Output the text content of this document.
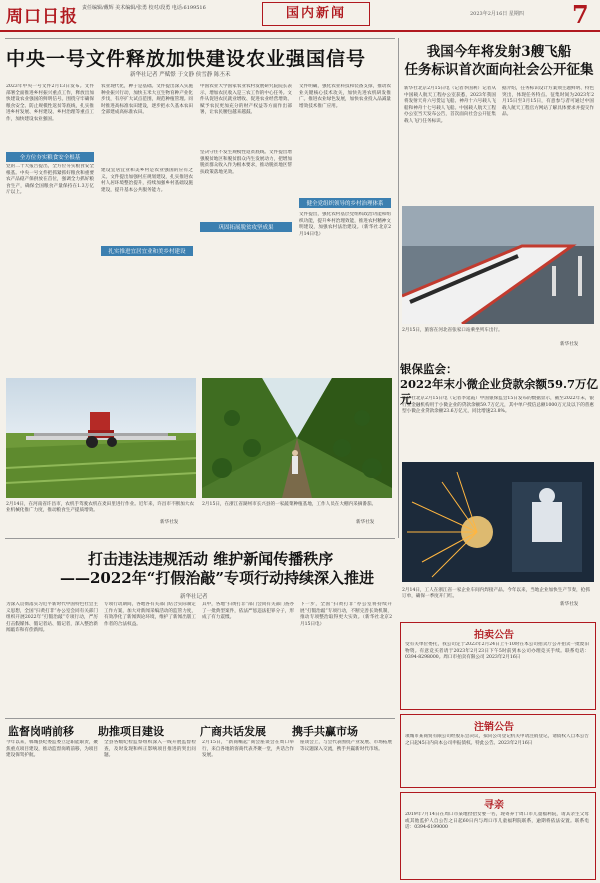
周口日报 责任编辑/戴辉 美术编辑/张勇 校对/段勇 电话:6199516	国内新闻	2023年2月16日 星期四 7
中央一号文件释放加快建设农业强国信号
新华社记者 严赋憬 于文静 侯雪静 陈丕禾
2023年中央一号文件2月13日发布。文件部署全面推进乡村振兴重点工作，释放出加快建设农业强国的鲜明信号。围绕守牢确保粮食安全、防止规模性返贫等底线，扎实推进乡村发展、乡村建设、乡村治理等重点工作，加快建设农业强国。
全方位夯实粮食安全根基
党的二十大报告提出，全方位夯实粮食安全根基。中央一号文件把抓紧抓好粮食和重要农产品稳产保供放在首位，强调全力抓好粮食生产，确保全国粮食产量保持在1.3万亿斤以上。
农业现代化，种子是基础。文件提出深入实施种业振兴行动，加快玉米大豆生物育种产业化步伐，有序扩大试点范围，规范种植管理。同时推进高标准农田建设，逐步把永久基本农田全部建成高标准农田。
扎实推进宜居宜业和美乡村建设
建设宜居宜业和美乡村是农业强国的应有之义。文件提出加强村庄规划建设，扎实推进农村人居环境整治提升，持续加强乡村基础设施建设，提升基本公共服务能力。
中国农业大学国家农业农村发展研究院院长表示，增加农民收入是三农工作的中心任务。文件从促进农民就业增收、促进农业经营增效、赋予农民更加充分的财产权益等方面作出部署，让农民腰包越来越鼓。
巩固拓展脱贫攻坚成果
坚决守住不发生规模性返贫底线。文件提出增强脱贫地区和脱贫群众内生发展动力，把增加脱贫群众收入作为根本要求，推动脱贫地区帮扶政策落地见效。
文件明确，强化农业科技和装备支撑，推动农业关键核心技术攻关，加快先进农机研发推广。推进农业绿色发展，加快农业投入品减量增效技术推广应用。
健全党组织领导的乡村治理体系
文件提出，强化农村基层党组织政治功能和组织功能，提升乡村治理效能，推进农村精神文明建设，加强农村法治建设。（新华社北京2月14日电）
2月14日，在河南省许昌市，农机手驾驶农机在麦田里进行作业。近年来，许昌市不断加大农业机械化推广力度，推动粮食生产提质增效。
2月15日，在浙江省湖州市长兴县的一家蔬菜种植基地，工作人员在大棚内采摘番茄。
新华社发
新华社发
我国今年将发射3艘飞船
任务标识首次面向社会公开征集
新华社北京2月15日电（记者李国利）记者从中国载人航天工程办公室获悉，2023年我国将发射天舟六号货运飞船、神舟十六号载人飞船和神舟十七号载人飞船。中国载人航天工程办公室当天发布公告，首次面向社会公开征集载人飞行任务标识。
据介绍，任务标识设计方案须主题鲜明、特色突出，体现任务特点。征集时间为2023年2月15日至3月15日，有意参与者可通过中国载人航天工程官方网站了解具体要求并提交作品。
2月15日，旅客在河北省张家口站乘坐列车出行。
新华社发
银保监会：
2022年末小微企业贷款余额59.7万亿元
新华社北京2月15日电（记者李延霞）中国银保监会15日发布的数据显示，截至2022年末，银行业金融机构用于小微企业的贷款余额59.7万亿元，其中单户授信总额1000万元及以下的普惠型小微企业贷款余额23.6万亿元，同比增速23.8%。
2月14日，工人在浙江省一家企业车间内焊接产品。今年以来，当地企业加快生产节奏，抢抓订单，确保一季度开门红。
新华社发
打击违法违规活动 维护新闻传播秩序
——2022年“打假治敲”专项行动持续深入推进
新华社记者
为深入贯彻落实习近平新时代中国特色社会主义思想，全国“扫黄打非”办公室会同有关部门组织开展2022年“打假治敲”专项行动，严厉打击假媒体、假记者站、假记者，深入整治新闻敲诈和有偿新闻。
专项行动期间，各地各有关部门结合实际制定工作方案，加大对新闻采编活动的监管力度，有效净化了新闻舆论环境，维护了新闻出版工作者的合法权益。
其中，各地“扫黄打非”部门会同有关部门查办了一批典型案件，依法严惩违法犯罪分子，形成了有力震慑。
下一步，全国“扫黄打非”办公室将持续开展“打假治敲”专项行动，不断完善长效机制，推动专项整治取得更大实效。（新华社北京2月15日电）
监督岗哨前移 助推项目建设	广商共话发展 携手共赢市场
今年以来，郸城县纪委监委立足职能职责，聚焦重点项目建设，推动监督岗哨前移，为项目建设保驾护航。
全县各级纪检监察组织深入一线开展监督检查，及时发现和纠正影响项目推进的突出问题。
2月15日，“新商崛起”商会座谈会在周口举行，来自各地的客商代表齐聚一堂，共话合作发展。
座谈会上，与会代表围绕产业发展、市场拓展等议题深入交流，携手共赢新时代市场。
拍卖公告
受有关单位委托，我公司定于2023年2月24日上午10时在本公司拍卖厅公开拍卖一批废旧物资。有意竞买者请于2023年2月23日下午5时前到本公司办理竞买手续。联系电话：0394-8298000。周口市拍卖有限公司 2023年2月16日
注销公告
项城市某商贸有限公司经股东会决议，拟向公司登记机关申请注销登记，请债权人自本公告之日起45日内向本公司申报债权。特此公告。2023年2月16日
寻亲
2019年7月14日在周口市某地捡拾女婴一名，现寄养于周口市儿童福利院，请其亲生父母或其他监护人自公告之日起60日内与周口市儿童福利院联系，逾期将依法安置。联系电话：0394-6199000
